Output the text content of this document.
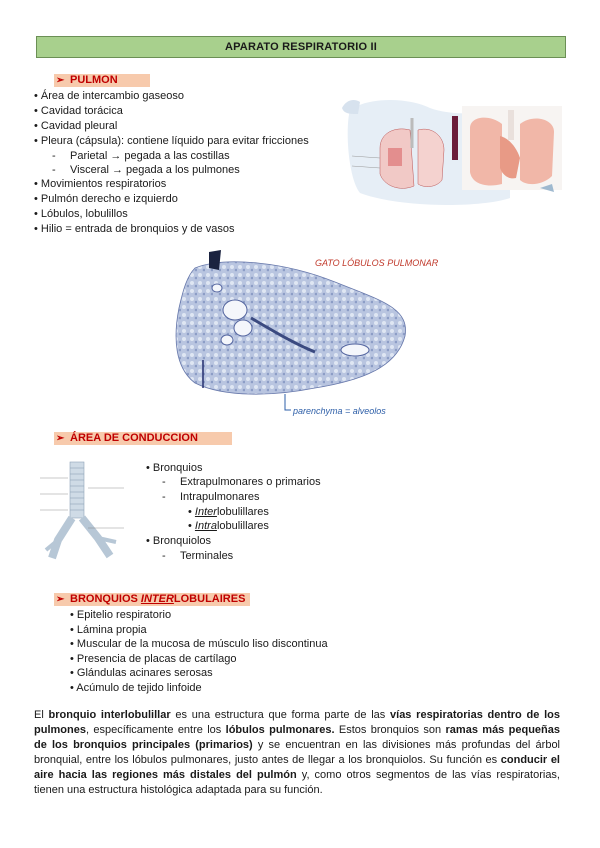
APARATO RESPIRATORIO II
➢ PULMON
• Área de intercambio gaseoso
• Cavidad torácica
• Cavidad pleural
• Pleura (cápsula): contiene líquido para evitar fricciones
- Parietal → pegada a las costillas
- Visceral → pegada a los pulmones
• Movimientos respiratorios
• Pulmón derecho e izquierdo
• Lóbulos, lobulillos
• Hilio = entrada de bronquios y de vasos
GATO LÓBULOS PULMONAR
parenchyma = alveolos
➢ ÁREA DE CONDUCCION
• Bronquios
- Extrapulmonares o primarios
- Intrapulmonares
• Interlobulillares
• Intralobulillares
• Bronquiolos
- Terminales
➢ BRONQUIOS INTERLOBULAIRES
• Epitelio respiratorio
• Lámina propia
• Muscular de la mucosa de músculo liso discontinua
• Presencia de placas de cartílago
• Glándulas acinares serosas
• Acúmulo de tejido linfoide
El bronquio interlobulillar es una estructura que forma parte de las vías respiratorias dentro de los pulmones, específicamente entre los lóbulos pulmonares. Estos bronquios son ramas más pequeñas de los bronquios principales (primarios) y se encuentran en las divisiones más profundas del árbol bronquial, entre los lóbulos pulmonares, justo antes de llegar a los bronquiolos. Su función es conducir el aire hacia las regiones más distales del pulmón y, como otros segmentos de las vías respiratorias, tienen una estructura histológica adaptada para su función.
